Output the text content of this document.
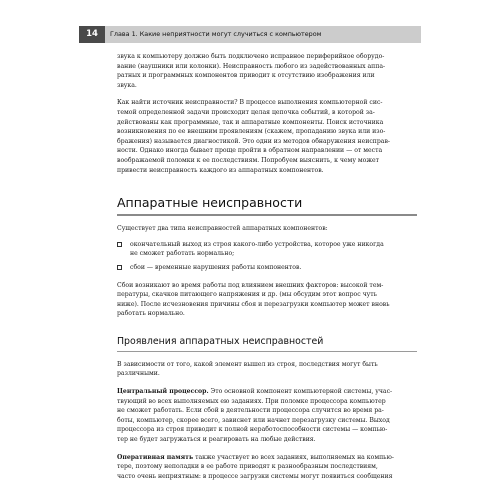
14	Глава 1. Какие неприятности могут случиться с компьютером
звука к компьютеру должно быть подключено исправное периферийное оборудо-
вание (наушники или колонки). Неисправность любого из задействованных аппа-
ратных и программных компонентов приводит к отсутствию изображения или
звука.
Как найти источник неисправности? В процессе выполнения компьютерной сис-
темой определенной задачи происходит целая цепочка событий, в которой за-
действованы как программные, так и аппаратные компоненты. Поиск источника
возникновения по ее внешним проявлениям (скажем, пропаданию звука или изо-
бражения) называется диагностикой. Это одни из методов обнаружения неисправ-
ности. Однако иногда бывает проще пройти в обратном направлении — от места
воображаемой поломки к ее последствиям. Попробуем выяснить, к чему может
привести неисправность каждого из аппаратных компонентов.
Аппаратные неисправности
Существует два типа неисправностей аппаратных компонентов:
окончательный выход из строя какого-либо устройства, которое уже никогда
не сможет работать нормально;
сбои — временные нарушения работы компонентов.
Сбои возникают во время работы под влиянием внешних факторов: высокой тем-
пературы, скачков питающего напряжения и др. (мы обсудим этот вопрос чуть
ниже). После исчезновения причины сбоя и перезагрузки компьютер может вновь
работать нормально.
Проявления аппаратных неисправностей
В зависимости от того, какой элемент вышел из строя, последствия могут быть
различными.
Центральный процессор. Это основной компонент компьютерной системы, учас-
твующий во всех выполняемых ею заданиях. При поломке процессора компьютер
не сможет работать. Если сбой в деятельности процессора случится во время ра-
боты, компьютер, скорее всего, зависнет или начнет перезагрузку системы. Выход
процессора из строя приводит к полной неработоспособности системы — компью-
тер не будет загружаться и реагировать на любые действия.
Оперативная память также участвует во всех заданиях, выполняемых на компью-
тере, поэтому неполадки в ее работе приводят к разнообразным последствиям,
часто очень неприятным: в процессе загрузки системы могут появиться сообщения
